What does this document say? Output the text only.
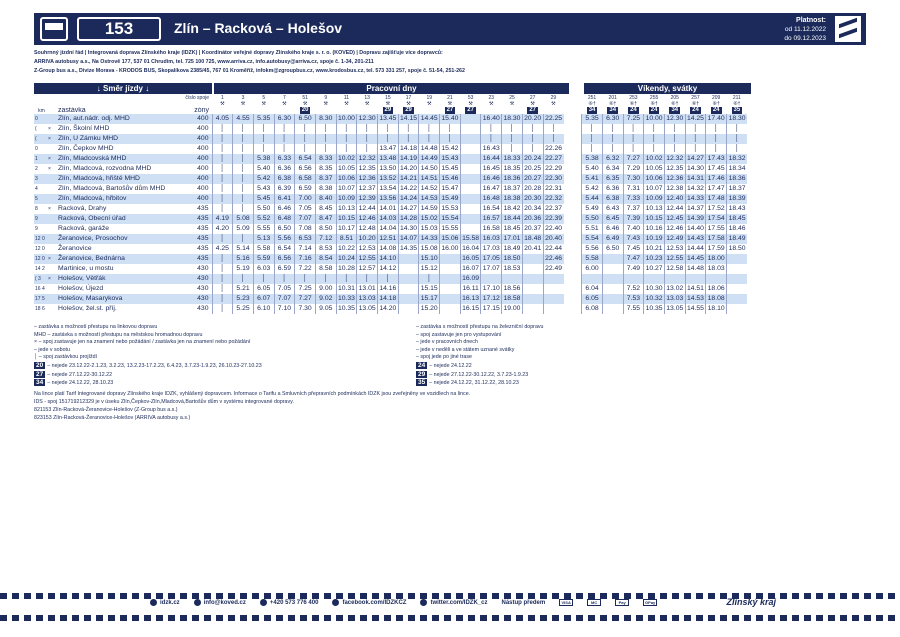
153	Zlín – Racková – Holešov	Platnost:
od 11.12.2022
do 09.12.2023
Souhrnný jízdní řád | Integrovaná doprava Zlínského kraje (IDZK) | Koordinátor veřejné dopravy Zlínského kraje s. r. o. (KOVED) | Dopravu zajišťuje více dopravců:
ARRIVA autobusy a.s., Na Ostrově 177, 537 01 Chrudim, tel. 725 100 725, www.arriva.cz, info.autobusy@arriva.cz, spoje č. 1-34, 201-211
Z-Group bus a.s., Divize Morava - KRODOS BUS, Skopalíkova 2385/45, 767 01 Kroměříž, infokm@zgroupbus.cz, www.krodosbus.cz, tel. 573 331 257, spoje č. 51-54, 251-262
↓ Směr jízdy ↓	Pracovní dny	Víkendy, svátky
		číslo spoje		1	3	5	7	51	9	11	13	15	17	19	21	53	23	25	27	29		251	201	253	255	205	257	209	211
				⚒	⚒	⚒	⚒	⚒	⚒	⚒	⚒	⚒	⚒	⚒	⚒	⚒	⚒	⚒	⚒	⚒		⑥†	⑥†	⑥†	⑥†	⑥†	⑥†	⑥†	⑥†
km		zastávka	zóny					20				29	29		27	27			27			34	34	24	24	34	24	24	35
0		Zlín, aut.nádr. odj. MHD	400	4.05	4.55	5.35	6.30	6.50	8.30	10.00	12.30	13.45	14.15	14.45	15.40		16.40	18.30	20.20	22.25		5.35	6.30	7.25	10.00	12.30	14.25	17.40	18.30
(	×	Zlín, Školní MHD	400	│	│	│	│	│	│	│	│	│	│	│	│		│	│	│	│		│	│	│	│	│	│	│	│
(	×	Zlín, U Zámku MHD	400	│	│	│	│	│	│	│	│	│	│	│	│		│	│	│	│		│	│	│	│	│	│	│	│
0		Zlín, Čepkov MHD	400	│	│	│	│	│	│	│	│	13.47	14.18	14.48	15.42		16.43	│	│	22.26		│	│	│	│	│	│	│	│
1	×	Zlín, Mladcovská MHD	400	│	│	5.38	6.33	6.54	8.33	10.02	12.32	13.48	14.19	14.49	15.43		16.44	18.33	20.24	22.27		5.38	6.32	7.27	10.02	12.32	14.27	17.43	18.32
2	×	Zlín, Mladcová, rozvodna MHD	400	│	│	5.40	6.36	6.56	8.35	10.05	12.35	13.50	14.20	14.50	15.45		16.45	18.35	20.25	22.29		5.40	6.34	7.29	10.05	12.35	14.30	17.45	18.34
3		Zlín, Mladcová, hřiště MHD	400	│	│	5.42	6.38	6.58	8.37	10.06	12.36	13.52	14.21	14.51	15.46		16.46	18.36	20.27	22.30		5.41	6.35	7.30	10.06	12.36	14.31	17.46	18.36
4		Zlín, Mladcová, Bartošův dům MHD	400	│	│	5.43	6.39	6.59	8.38	10.07	12.37	13.54	14.22	14.52	15.47		16.47	18.37	20.28	22.31		5.42	6.36	7.31	10.07	12.38	14.32	17.47	18.37
5		Zlín, Mladcová, hřbitov	400	│	│	5.45	6.41	7.00	8.40	10.09	12.39	13.56	14.24	14.53	15.49		16.48	18.38	20.30	22.32		5.44	6.38	7.33	10.09	12.40	14.33	17.48	18.39
8	×	Racková, Drahy	435	│	│	5.50	6.46	7.05	8.45	10.13	12.44	14.01	14.27	14.59	15.53		16.54	18.42	20.34	22.37		5.49	6.43	7.37	10.13	12.44	14.37	17.52	18.43
9		Racková, Obecní úřad	435	4.19	5.08	5.52	6.48	7.07	8.47	10.15	12.46	14.03	14.28	15.02	15.54		16.57	18.44	20.36	22.39		5.50	6.45	7.39	10.15	12.45	14.39	17.54	18.45
9		Racková, garáže	435	4.20	5.09	5.55	6.50	7.08	8.50	10.17	12.48	14.04	14.30	15.03	15.55		16.58	18.45	20.37	22.40		5.51	6.46	7.40	10.16	12.46	14.40	17.55	18.46
12 0		Žeranovice, Prosochov	435	│	│	5.13	5.56	6.53	7.12	8.51	10.20	12.51	14.07	14.33	15.06	15.58	16.03	17.01	18.48	20.40		5.54	6.49	7.43	10.19	12.49	14.43	17.58	18.49
12 0		Žeranovice	435	4.25	5.14	5.58	6.54	7.14	8.53	10.22	12.53	14.08	14.35	15.08	16.00	16.04	17.03	18.49	20.41	22.44		5.56	6.50	7.45	10.21	12.53	14.44	17.59	18.50
12 0	×	Žeranovice, Bednárna	435	│	5.16	5.59	6.56	7.16	8.54	10.24	12.55	14.10		15.10		16.05	17.05	18.50		22.46		5.58		7.47	10.23	12.55	14.45	18.00	
14 2		Martinice, u mostu	430	│	5.19	6.03	6.59	7.22	8.58	10.28	12.57	14.12		15.12		16.07	17.07	18.53		22.49		6.00		7.49	10.27	12.58	14.48	18.03	
( 3	×	Holešov, Větřák	430	│	│	│	│	│	│	│	│	│		│		16.09													
16 4		Holešov, Újezd	430	│	5.21	6.05	7.05	7.25	9.00	10.31	13.01	14.16		15.15		16.11	17.10	18.56				6.04		7.52	10.30	13.02	14.51	18.06	
17 5		Holešov, Masarykova	430	│	5.23	6.07	7.07	7.27	9.02	10.33	13.03	14.18		15.17		16.13	17.12	18.58				6.05		7.53	10.32	13.03	14.53	18.08	
18 6		Holešov, žel.st. příj.	430	│	5.25	6.10	7.10	7.30	9.05	10.35	13.05	14.20		15.20		16.15	17.15	19.00				6.08		7.55	10.35	13.05	14.55	18.10	
– zastávka s možností přestupu na linkovou dopravu
MHD – zastávka s možností přestupu na městskou hromadnou dopravu
× – spoj zastavuje jen na znamení nebo požádání / zastávka jen na znamení nebo požádání
– jede v sobotu
│ – spoj zastávkou projíždí
20 – nejede 23.12.22-2.1.23, 3.2.23, 13.2.23-17.2.23, 6.4.23, 3.7.23-1.9.23, 26.10.23-27.10.23
27 – nejede 27.12.22-30.12.22
34 – nejede 24.12.22, 28.10.23
– zastávka s možností přestupu na železniční dopravu
– spoj zastavuje jen pro vystupování
– jede v pracovních dnech
– jede v neděli a ve státem uznané svátky
– spoj jede po jiné trase
24 – nejede 24.12.22
29 – nejede 27.12.22-30.12.22, 3.7.23-1.9.23
35 – nejede 24.12.22, 31.12.22, 28.10.23
Na lince platí Tarif Integrované dopravy Zlínského kraje IDZK, vyhlášený dopravcem. Informace o Tarifu a Smluvních přepravních podmínkách IDZK jsou zveřejněny ve vozidlech na lince.
IDS - spoj 151719212329 je v úseku Zlín,Čepkov-Zlín,Mladcová,Bartošův dům v systému integrované dopravy.
821153 Zlín-Racková-Žeranovice-Holešov (Z-Group bus a.s.)
823153 Zlín-Racková-Žeranovice-Holešov (ARRIVA autobusy a.s.)
idzk.cz	info@koved.cz	+420 573 776 400	facebook.com/IDZKCZ	twitter.com/IDZK_cz Nástup předem	VISA	MC	Pay	GPay	Zlínský kraj
